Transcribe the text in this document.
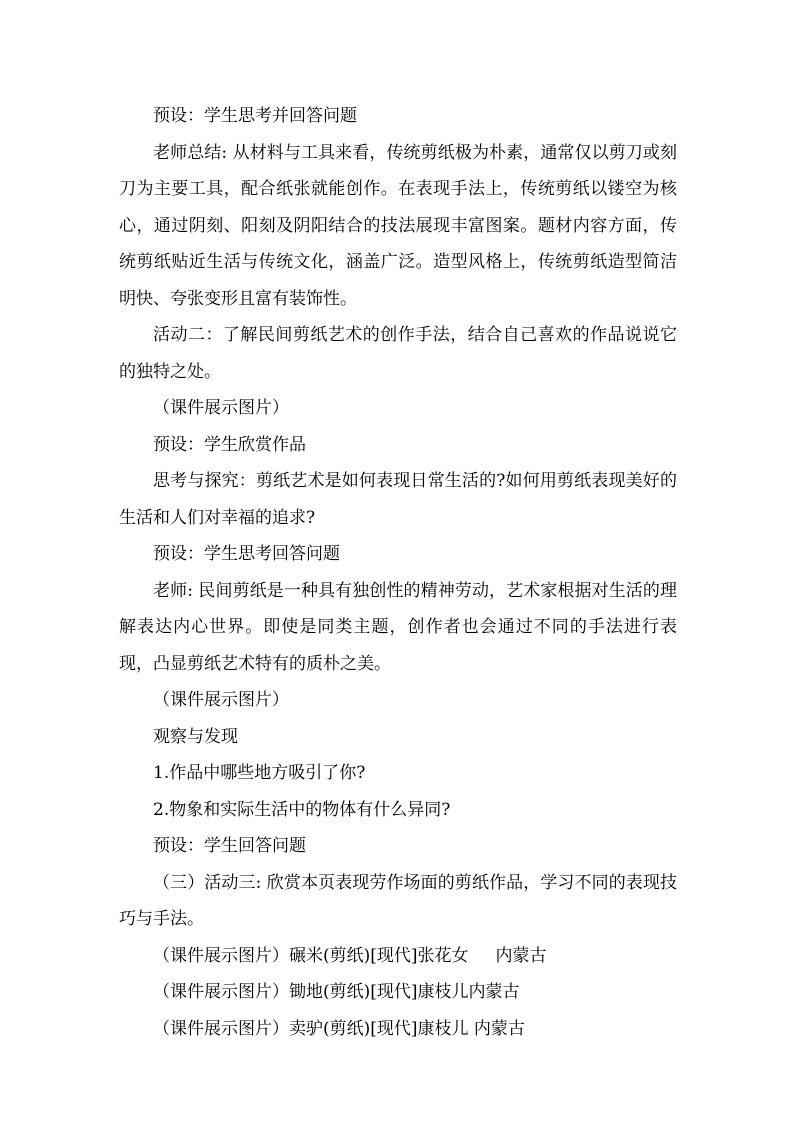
预设：学生思考并回答问题

老师总结: 从材料与工具来看，传统剪纸极为朴素，通常仅以剪刀或刻刀为主要工具，配合纸张就能创作。在表现手法上，传统剪纸以镂空为核心，通过阴刻、阳刻及阴阳结合的技法展现丰富图案。题材内容方面，传统剪纸贴近生活与传统文化，涵盖广泛。造型风格上，传统剪纸造型简洁明快、夸张变形且富有装饰性。

活动二：了解民间剪纸艺术的创作手法，结合自己喜欢的作品说说它的独特之处。

（课件展示图片）

预设：学生欣赏作品

思考与探究：剪纸艺术是如何表现日常生活的?如何用剪纸表现美好的生活和人们对幸福的追求?

预设：学生思考回答问题

老师: 民间剪纸是一种具有独创性的精神劳动，艺术家根据对生活的理解表达内心世界。即使是同类主题，创作者也会通过不同的手法进行表现，凸显剪纸艺术特有的质朴之美。

（课件展示图片）

观察与发现

1.作品中哪些地方吸引了你?

2.物象和实际生活中的物体有什么异同?

预设：学生回答问题

（三）活动三: 欣赏本页表现劳作场面的剪纸作品，学习不同的表现技巧与手法。

（课件展示图片）碾米(剪纸)[现代]张花女     内蒙古

（课件展示图片）锄地(剪纸)[现代]康枝儿内蒙古

（课件展示图片）卖驴(剪纸)[现代]康枝儿 内蒙古
